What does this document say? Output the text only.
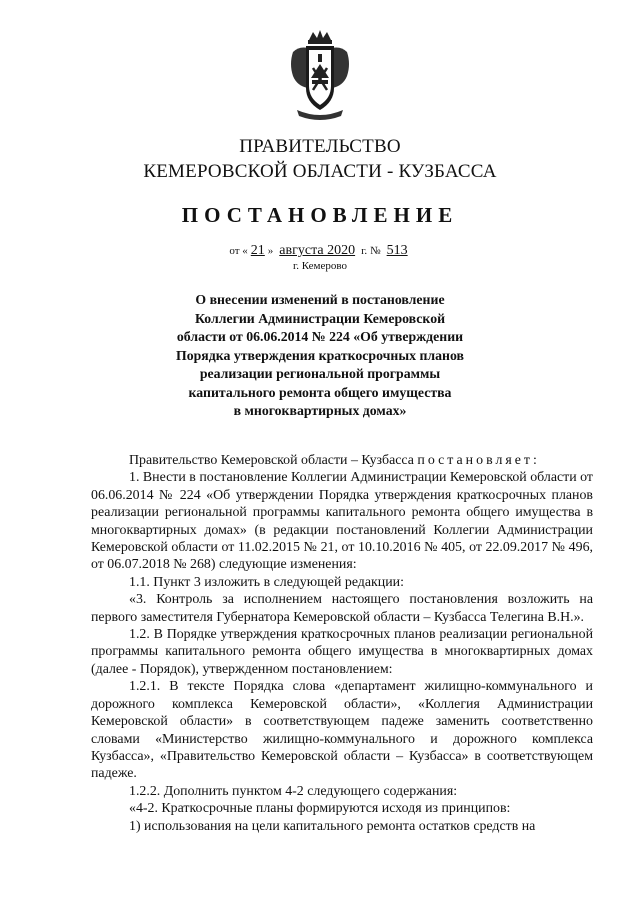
ПРАВИТЕЛЬСТВО
КЕМЕРОВСКОЙ ОБЛАСТИ - КУЗБАССА
ПОСТАНОВЛЕНИЕ
от « 21 » августа 2020 г. № 513
г. Кемерово
О внесении изменений в постановление
Коллегии Администрации Кемеровской
области от 06.06.2014 № 224 «Об утверждении
Порядка утверждения краткосрочных планов
реализации региональной программы
капитального ремонта общего имущества
в многоквартирных домах»

Правительство Кемеровской области – Кузбасса постановляет:

1. Внести в постановление Коллегии Администрации Кемеровской области от 06.06.2014 № 224 «Об утверждении Порядка утверждения краткосрочных планов реализации региональной программы капитального ремонта общего имущества в многоквартирных домах» (в редакции постановлений Коллегии Администрации Кемеровской области от 11.02.2015 № 21, от 10.10.2016 № 405, от 22.09.2017 № 496, от 06.07.2018 № 268) следующие изменения:

1.1. Пункт 3 изложить в следующей редакции:

«3. Контроль за исполнением настоящего постановления возложить на первого заместителя Губернатора Кемеровской области – Кузбасса Телегина В.Н.».

1.2. В Порядке утверждения краткосрочных планов реализации региональной программы капитального ремонта общего имущества в многоквартирных домах (далее - Порядок), утвержденном постановлением:

1.2.1. В тексте Порядка слова «департамент жилищно-коммунального и дорожного комплекса Кемеровской области», «Коллегия Администрации Кемеровской области» в соответствующем падеже заменить соответственно словами «Министерство жилищно-коммунального и дорожного комплекса Кузбасса», «Правительство Кемеровской области – Кузбасса» в соответствующем падеже.

1.2.2. Дополнить пунктом 4-2 следующего содержания:

«4-2. Краткосрочные планы формируются исходя из принципов:

1) использования на цели капитального ремонта остатков средств на
